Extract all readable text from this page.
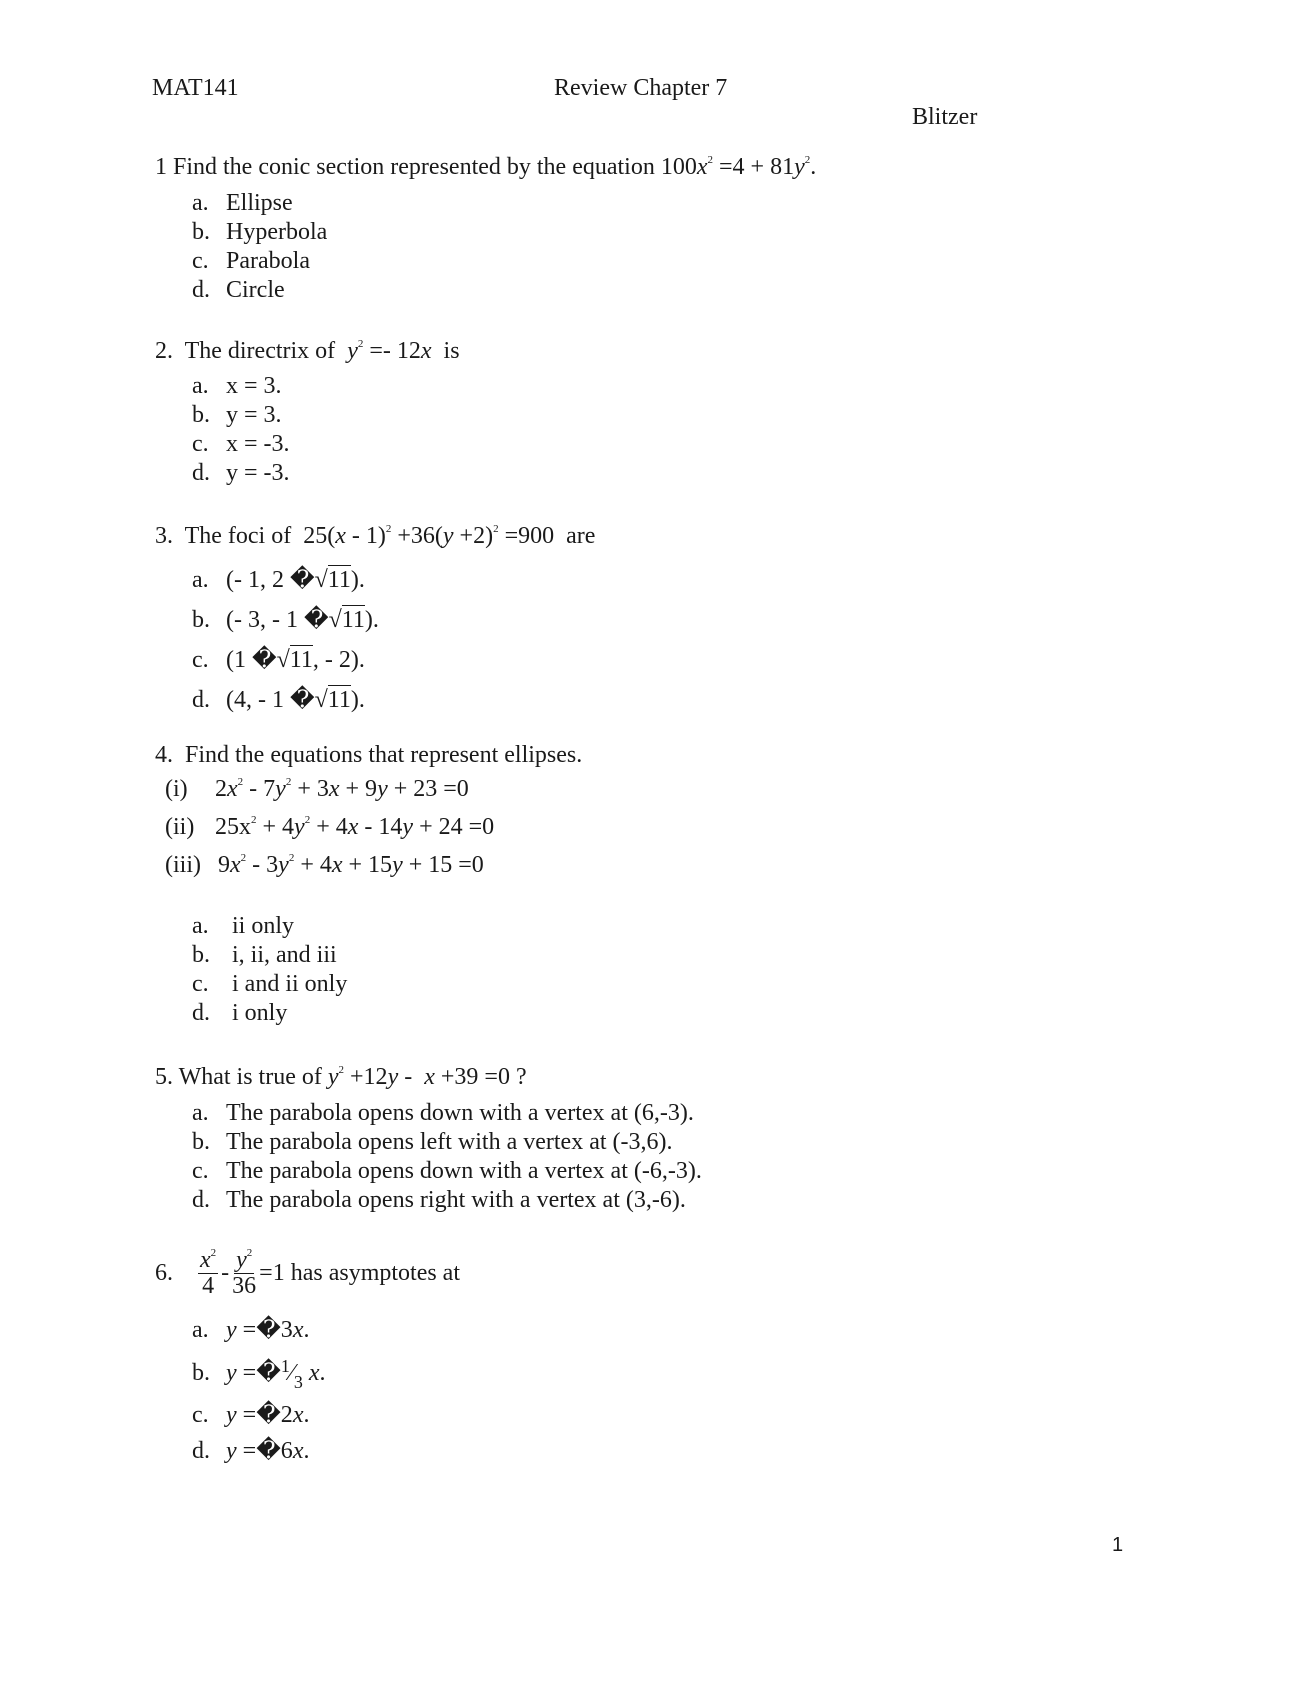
MAT141	Review Chapter 7
Blitzer
1 Find the conic section represented by the equation $100x^2 =4 + 81y^2$.
a. Ellipse
b. Hyperbola
c. Parabola
d. Circle
2. The directrix of $y^2 =- 12x$ is
a. x = 3.
b. y = 3.
c. x = -3.
d. y = -3.
3. The foci of $25(x - 1)^2 +36(y +2)^2 =900$ are
a. (- 1, 2 �√11).
b. (- 3, - 1 �√11).
c. (1 �√11, - 2).
d. (4, - 1 �√11).
4. Find the equations that represent ellipses.
(i) $2x^2 - 7y^2 + 3x + 9y + 23 =0$
(ii) $25x^2 + 4y^2 + 4x - 14y + 24 =0$
(iii) $9x^2 - 3y^2 + 4x + 15y + 15 =0$
a. ii only
b. i, ii, and iii
c. i and ii only
d. i only
5. What is true of $y^2 +12y - x +39 =0$ ?
a. The parabola opens down with a vertex at (6,-3).
b. The parabola opens left with a vertex at (-3,6).
c. The parabola opens down with a vertex at (-6,-3).
d. The parabola opens right with a vertex at (3,-6).
6. $\frac{x^2}{4} - \frac{y^2}{36} =1$ has asymptotes at
a. y =�3x.
b. $y =�^1⁄_3$ x.
c. y =�2x.
d. y =�6x.
1
